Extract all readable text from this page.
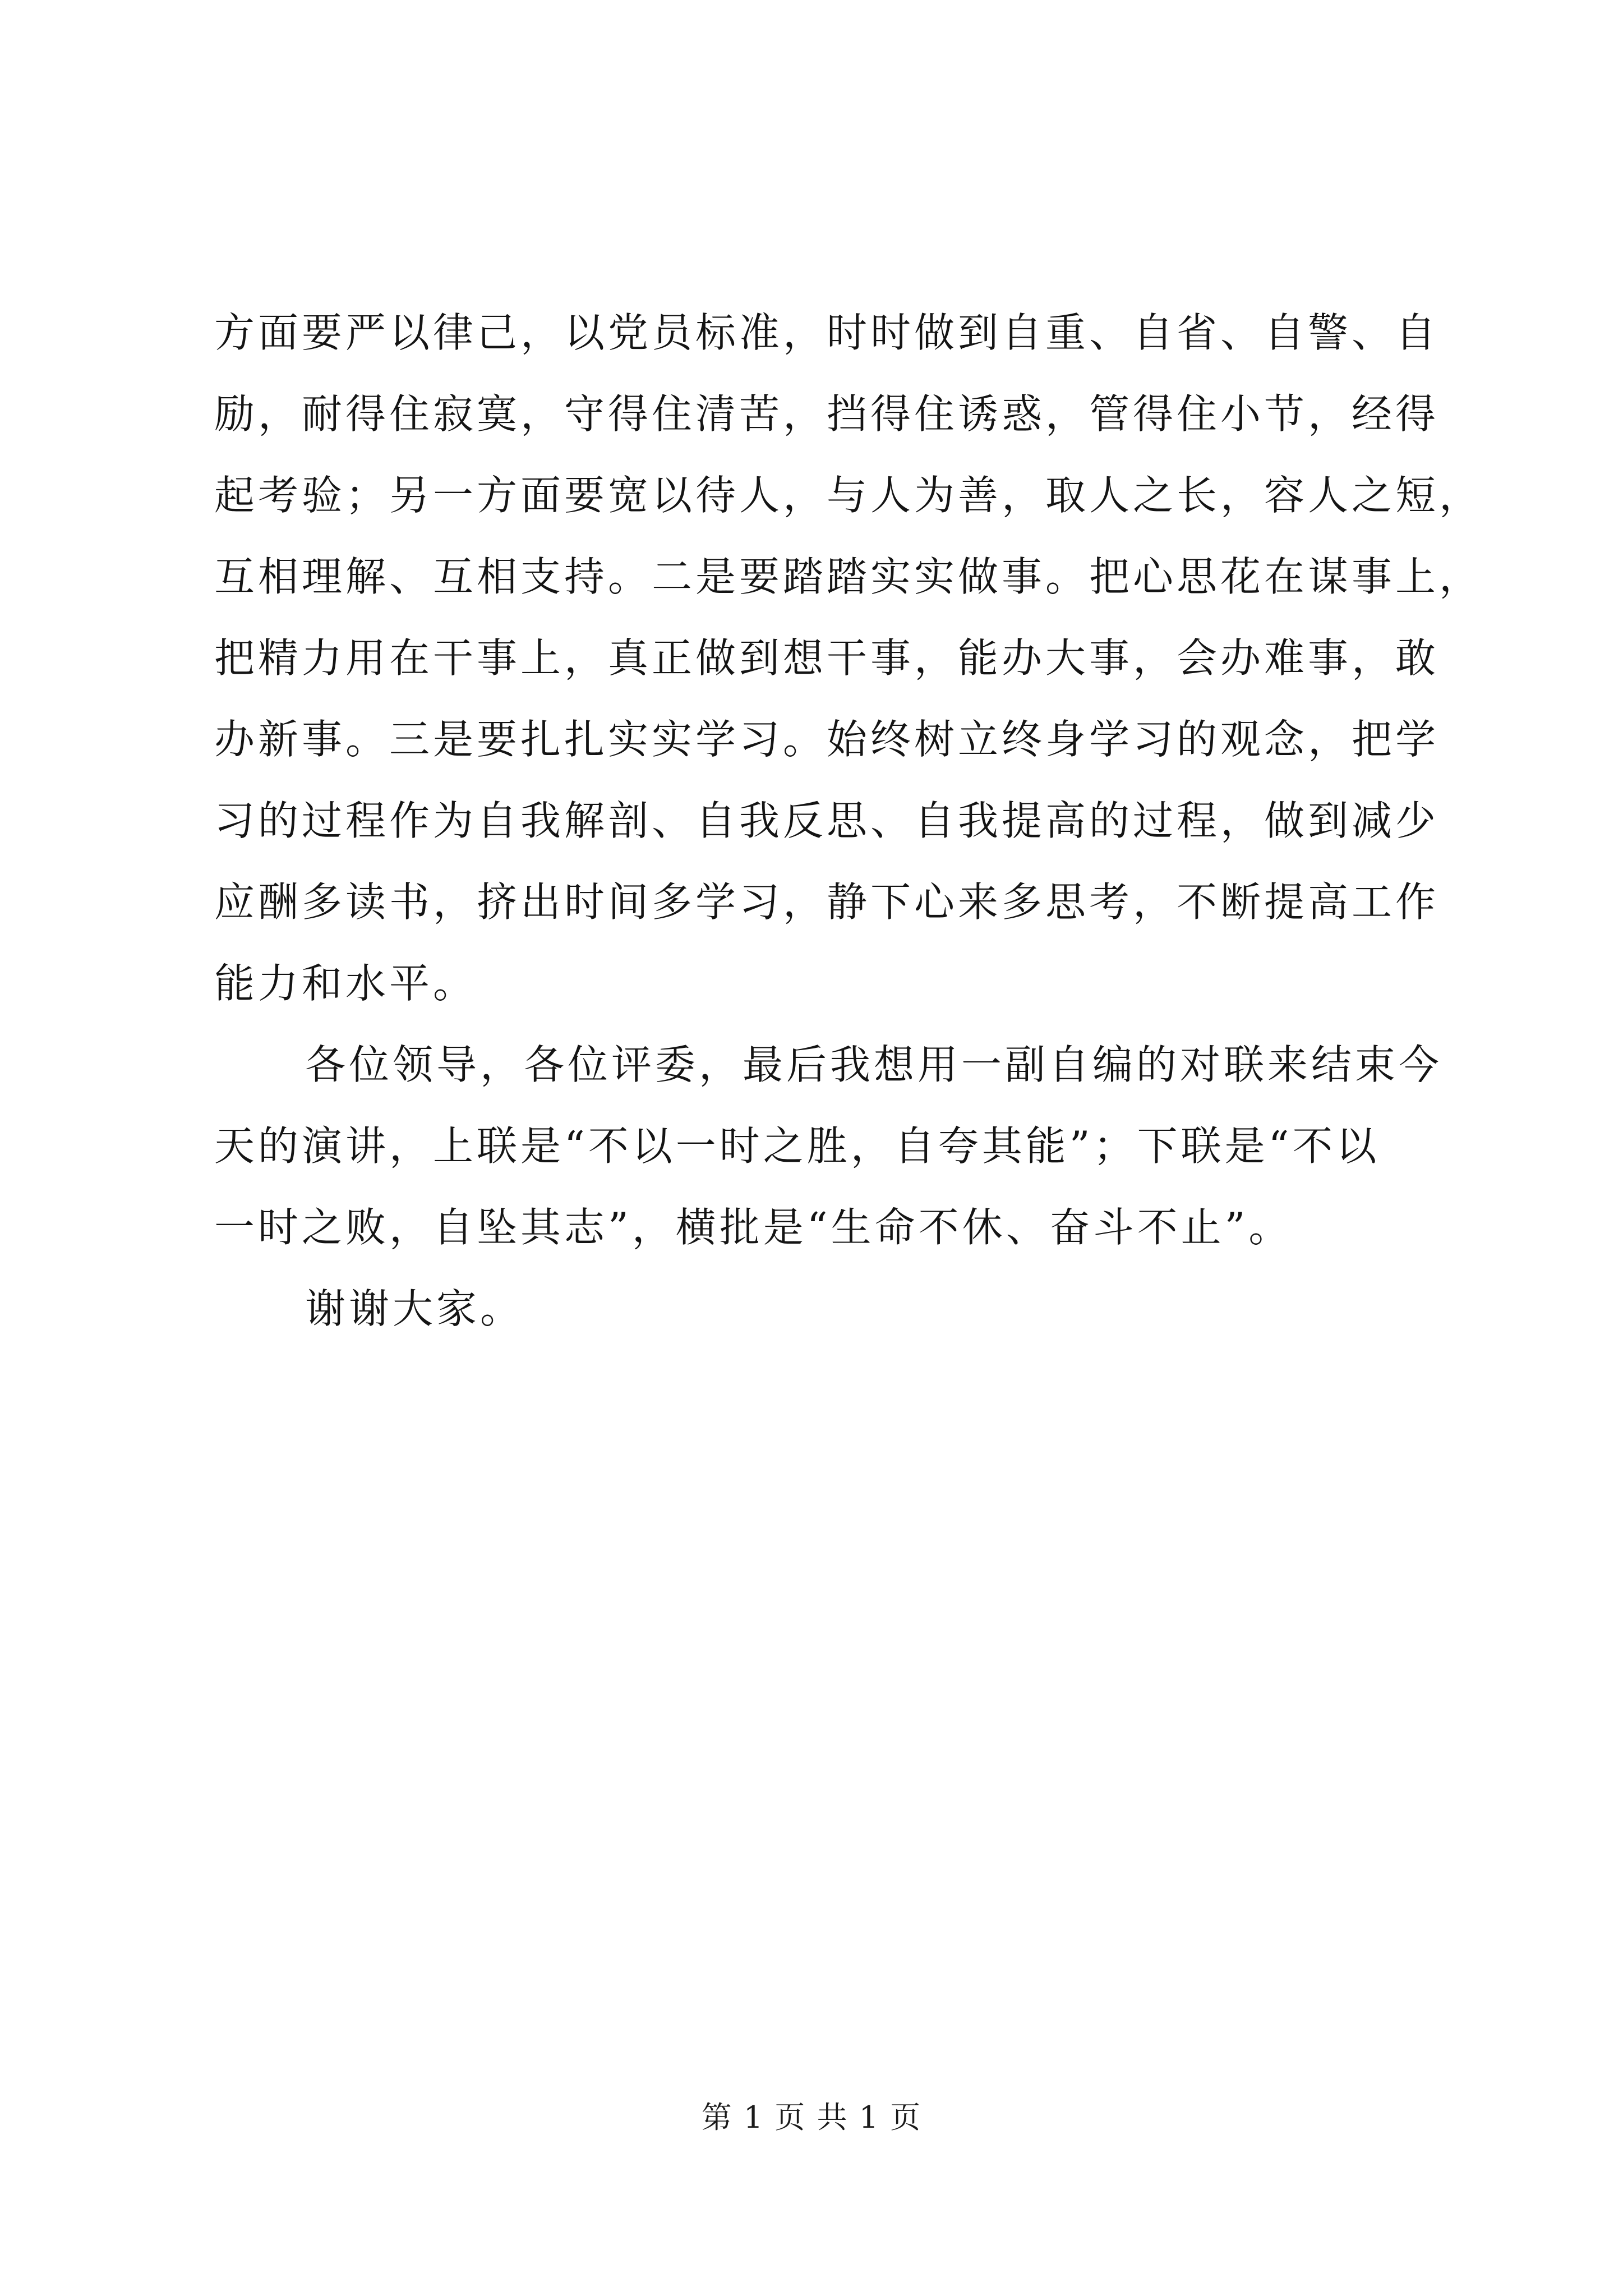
方面要严以律己，以党员标准，时时做到自重、自省、自警、自
励，耐得住寂寞，守得住清苦，挡得住诱惑，管得住小节，经得
起考验；另一方面要宽以待人，与人为善，取人之长，容人之短，
互相理解、互相支持。二是要踏踏实实做事。把心思花在谋事上，
把精力用在干事上，真正做到想干事，能办大事，会办难事，敢
办新事。三是要扎扎实实学习。始终树立终身学习的观念，把学
习的过程作为自我解剖、自我反思、自我提高的过程，做到减少
应酬多读书，挤出时间多学习，静下心来多思考，不断提高工作
能力和水平。
各位领导，各位评委，最后我想用一副自编的对联来结束今
天的演讲，上联是“不以一时之胜，自夸其能”；下联是“不以
一时之败，自坠其志”，横批是“生命不休、奋斗不止”。
谢谢大家。
第 1 页 共 1 页
